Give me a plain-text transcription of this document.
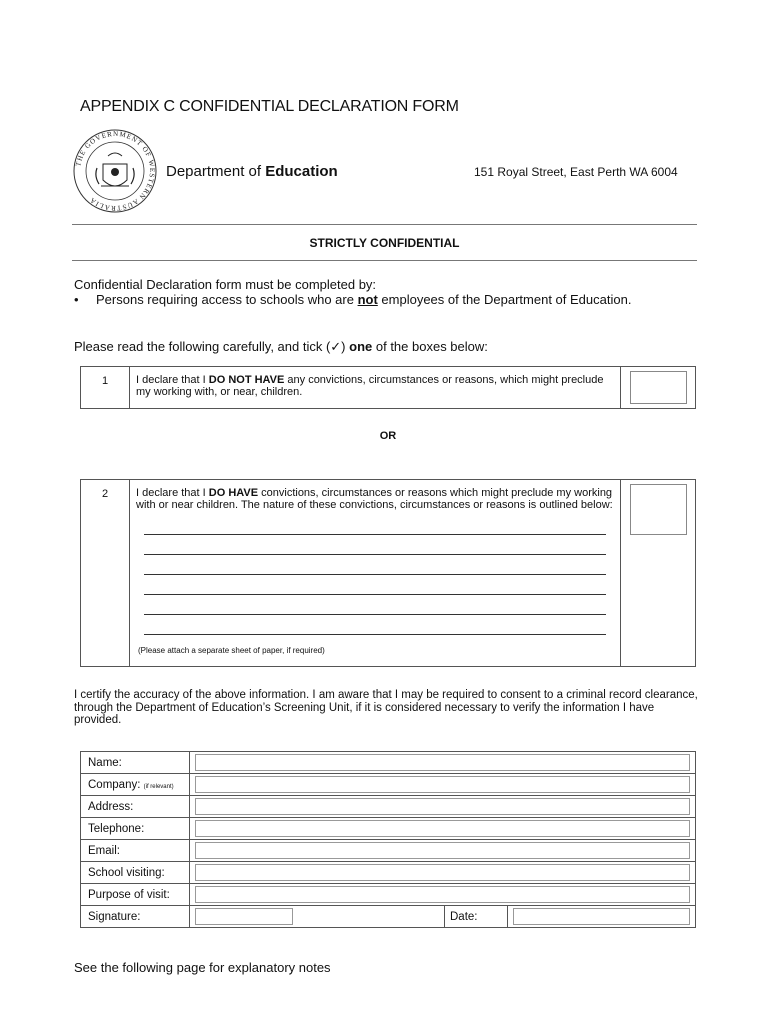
APPENDIX C CONFIDENTIAL DECLARATION FORM
THE GOVERNMENT OF WESTERN AUSTRALIA
Department of Education	151 Royal Street, East Perth WA 6004
STRICTLY CONFIDENTIAL
Confidential Declaration form must be completed by:
• Persons requiring access to schools who are not employees of the Department of Education.
Please read the following carefully, and tick (✓) one of the boxes below:
1	I declare that I DO NOT HAVE any convictions, circumstances or reasons, which might preclude my working with, or near, children.	
OR
2	I declare that I DO HAVE convictions, circumstances or reasons which might preclude my working with or near children. The nature of these convictions, circumstances or reasons is outlined below:
(Please attach a separate sheet of paper, if required)

I certify the accuracy of the above information. I am aware that I may be required to consent to a criminal record clearance, through the Department of Education’s Screening Unit, if it is considered necessary to verify the information I have provided.
Name:			

Company: (if relevant)			

Address:			

Telephone:			

Email:			

School visiting:			

Purpose of visit:			

Signature:		Date:	
See the following page for explanatory notes
